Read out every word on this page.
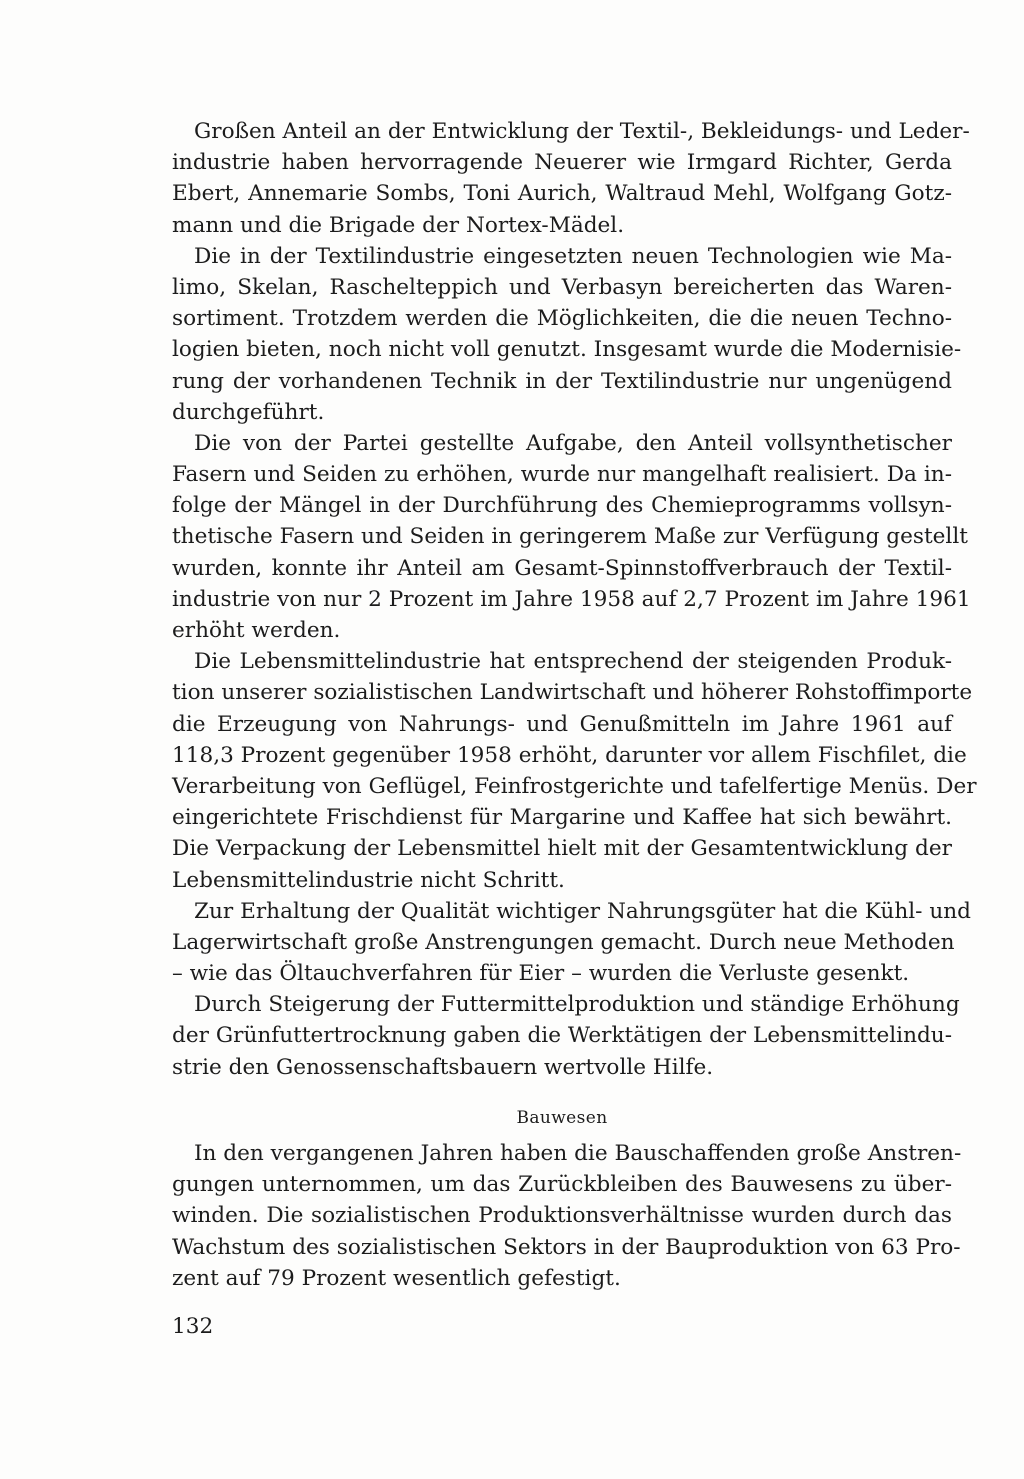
Großen Anteil an der Entwicklung der Textil-, Bekleidungs- und Leder-
industrie haben hervorragende Neuerer wie Irmgard Richter, Gerda
Ebert, Annemarie Sombs, Toni Aurich, Waltraud Mehl, Wolfgang Gotz-
mann und die Brigade der Nortex-Mädel.
Die in der Textilindustrie eingesetzten neuen Technologien wie Ma-
limo, Skelan, Raschelteppich und Verbasyn bereicherten das Waren-
sortiment. Trotzdem werden die Möglichkeiten, die die neuen Techno-
logien bieten, noch nicht voll genutzt. Insgesamt wurde die Modernisie-
rung der vorhandenen Technik in der Textilindustrie nur ungenügend
durchgeführt.
Die von der Partei gestellte Aufgabe, den Anteil vollsynthetischer
Fasern und Seiden zu erhöhen, wurde nur mangelhaft realisiert. Da in-
folge der Mängel in der Durchführung des Chemieprogramms vollsyn-
thetische Fasern und Seiden in geringerem Maße zur Verfügung gestellt
wurden, konnte ihr Anteil am Gesamt-Spinnstoffverbrauch der Textil-
industrie von nur 2 Prozent im Jahre 1958 auf 2,7 Prozent im Jahre 1961
erhöht werden.
Die Lebensmittelindustrie hat entsprechend der steigenden Produk-
tion unserer sozialistischen Landwirtschaft und höherer Rohstoffimporte
die Erzeugung von Nahrungs- und Genußmitteln im Jahre 1961 auf
118,3 Prozent gegenüber 1958 erhöht, darunter vor allem Fischfilet, die
Verarbeitung von Geflügel, Feinfrostgerichte und tafelfertige Menüs. Der
eingerichtete Frischdienst für Margarine und Kaffee hat sich bewährt.
Die Verpackung der Lebensmittel hielt mit der Gesamtentwicklung der
Lebensmittelindustrie nicht Schritt.
Zur Erhaltung der Qualität wichtiger Nahrungsgüter hat die Kühl- und
Lagerwirtschaft große Anstrengungen gemacht. Durch neue Methoden
– wie das Öltauchverfahren für Eier – wurden die Verluste gesenkt.
Durch Steigerung der Futtermittelproduktion und ständige Erhöhung
der Grünfuttertrocknung gaben die Werktätigen der Lebensmittelindu-
strie den Genossenschaftsbauern wertvolle Hilfe.
Bauwesen
In den vergangenen Jahren haben die Bauschaffenden große Anstren-
gungen unternommen, um das Zurückbleiben des Bauwesens zu über-
winden. Die sozialistischen Produktionsverhältnisse wurden durch das
Wachstum des sozialistischen Sektors in der Bauproduktion von 63 Pro-
zent auf 79 Prozent wesentlich gefestigt.
132
